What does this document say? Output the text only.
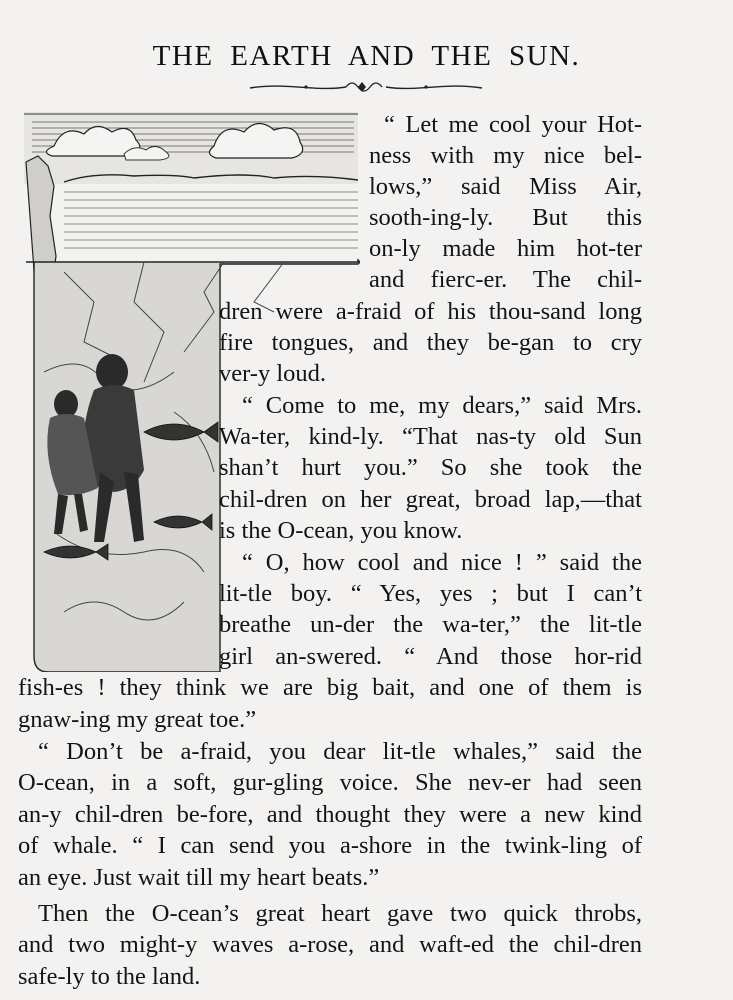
THE EARTH AND THE SUN.
“ Let me cool your Hot-
ness with my nice bel-
lows,” said Miss Air,
sooth-ing-ly. But this
on-ly made him hot-ter
and fierc-er. The chil-
dren were a-fraid of his thou-sand long
fire tongues, and they be-gan to cry
ver-y loud.
“ Come to me, my dears,” said Mrs.
Wa-ter, kind-ly. “That nas-ty old Sun
shan’t hurt you.” So she took the
chil-dren on her great, broad lap,—that
is the O-cean, you know.
“ O, how cool and nice ! ” said the
lit-tle boy. “ Yes, yes ; but I can’t
breathe un-der the wa-ter,” the lit-tle
girl an-swered. “ And those hor-rid
fish-es ! they think we are big bait, and one of them is
gnaw-ing my great toe.”
“ Don’t be a-fraid, you dear lit-tle whales,” said the
O-cean, in a soft, gur-gling voice. She nev-er had seen
an-y chil-dren be-fore, and thought they were a new kind
of whale. “ I can send you a-shore in the twink-ling of
an eye. Just wait till my heart beats.”
Then the O-cean’s great heart gave two quick throbs,
and two might-y waves a-rose, and waft-ed the chil-dren
safe-ly to the land.
